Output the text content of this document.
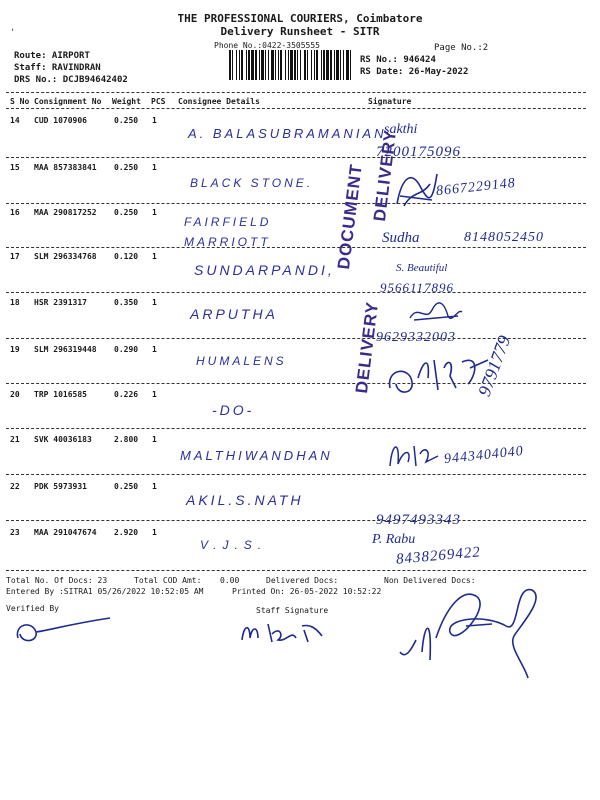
'
THE PROFESSIONAL COURIERS, Coimbatore
Delivery Runsheet - SITR
Phone No.:0422-3505555	Page No.:2
Route: AIRPORT
Staff: RAVINDRAN
DRS No.: DCJB94642402
RS No.: 946424
RS Date: 26-May-2022
S No Consignment No Weight PCS Consignee Details	Signature
14 CUD 1070906	0.250 1
A. BALASUBRAMANIAN
sakthi
7200175096
15 MAA 857383841 0.250 1
BLACK STONE.	8667229148
16 MAA 290817252 0.250 1
FAIRFIELD MARRIOTT	Sudha	8148052450
17 SLM 296334768 0.120 1
SUNDARPANDI,	S. Beautiful
9566117896
18 HSR 2391317	0.350 1
ARPUTHA
9629332003
19 SLM 296319448 0.290 1
HUMALENS
20 TRP 1016585	0.226 1
-DO-
9791779
21 SVK 40036183	2.800 1
MALTHIWANDHAN	9443404040
22 PDK 5973931	0.250 1
AKIL.S.NATH
9497493343
23 MAA 291047674 2.920 1
V.J.S.	P. Rabu
8438269422
DOCUMENT
DELIVERY
DELIVERY
Total No. Of Docs: 23	Total COD Amt: 0.00	Delivered Docs:	Non Delivered Docs:
Entered By :SITRA1 05/26/2022 10:52:05 AM	Printed On: 26-05-2022 10:52:22
Verified By	Staff Signature
